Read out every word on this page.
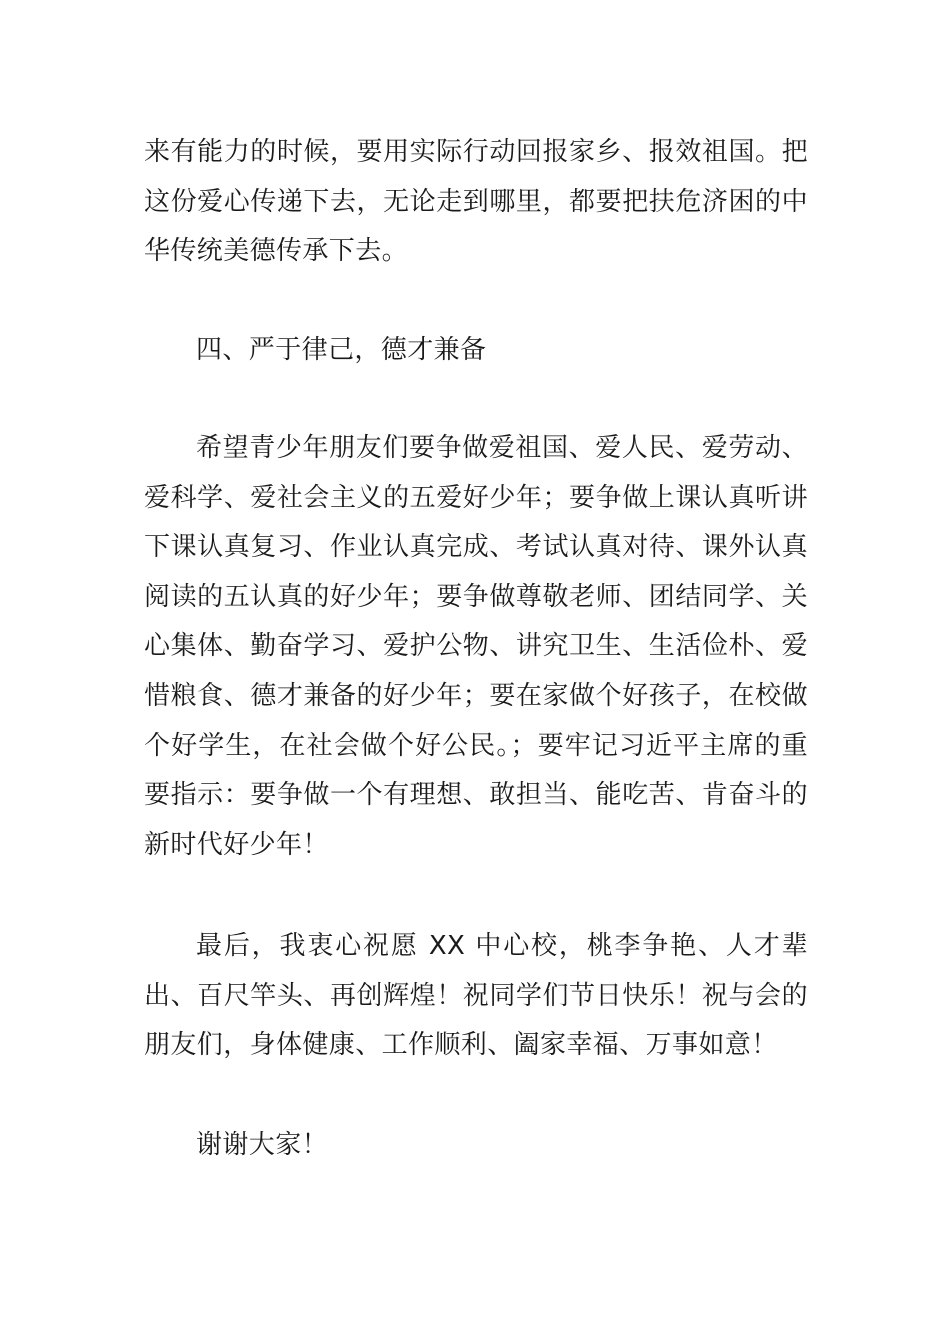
来有能力的时候，要用实际行动回报家乡、报效祖国。把这份爱心传递下去，无论走到哪里，都要把扶危济困的中华传统美德传承下去。

四、严于律己，德才兼备

希望青少年朋友们要争做爱祖国、爱人民、爱劳动、爱科学、爱社会主义的五爱好少年；要争做上课认真听讲下课认真复习、作业认真完成、考试认真对待、课外认真阅读的五认真的好少年；要争做尊敬老师、团结同学、关心集体、勤奋学习、爱护公物、讲究卫生、生活俭朴、爱惜粮食、德才兼备的好少年；要在家做个好孩子，在校做个好学生，在社会做个好公民。；要牢记习近平主席的重要指示：要争做一个有理想、敢担当、能吃苦、肯奋斗的新时代好少年！

最后，我衷心祝愿 XX 中心校，桃李争艳、人才辈出、百尺竿头、再创辉煌！祝同学们节日快乐！祝与会的朋友们，身体健康、工作顺利、阖家幸福、万事如意！

谢谢大家！
